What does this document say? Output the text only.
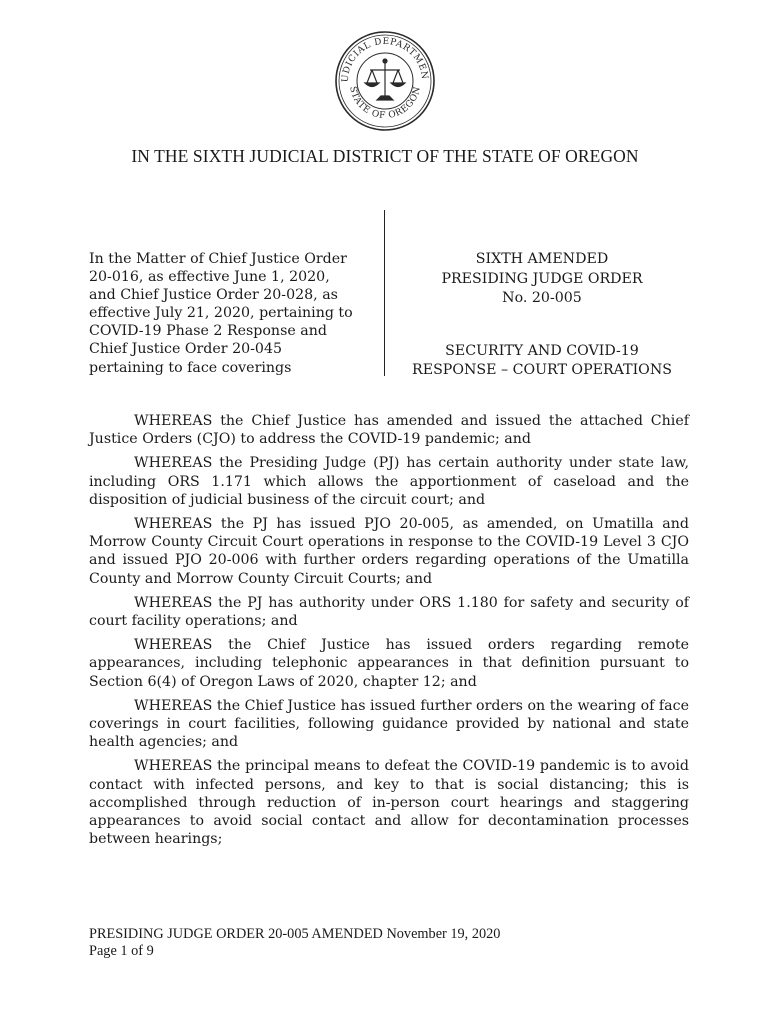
UDICIAL DEPARTMEN
STATE OF OREGON
IN THE SIXTH JUDICIAL DISTRICT OF THE STATE OF OREGON
In the Matter of Chief Justice Order
20-016, as effective June 1, 2020,
and Chief Justice Order 20-028, as
effective July 21, 2020, pertaining to
COVID-19 Phase 2 Response and
Chief Justice Order 20-045
pertaining to face coverings
SIXTH AMENDED
PRESIDING JUDGE ORDER
No. 20-005
SECURITY AND COVID-19
RESPONSE – COURT OPERATIONS

WHEREAS the Chief Justice has amended and issued the attached Chief Justice Orders (CJO) to address the COVID-19 pandemic; and

WHEREAS the Presiding Judge (PJ) has certain authority under state law, including ORS 1.171 which allows the apportionment of caseload and the disposition of judicial business of the circuit court; and

WHEREAS the PJ has issued PJO 20-005, as amended, on Umatilla and Morrow County Circuit Court operations in response to the COVID-19 Level 3 CJO and issued PJO 20-006 with further orders regarding operations of the Umatilla County and Morrow County Circuit Courts; and

WHEREAS the PJ has authority under ORS 1.180 for safety and security of court facility operations; and

WHEREAS the Chief Justice has issued orders regarding remote appearances, including telephonic appearances in that definition pursuant to Section 6(4) of Oregon Laws of 2020, chapter 12; and

WHEREAS the Chief Justice has issued further orders on the wearing of face coverings in court facilities, following guidance provided by national and state health agencies; and

WHEREAS the principal means to defeat the COVID-19 pandemic is to avoid contact with infected persons, and key to that is social distancing; this is accomplished through reduction of in-person court hearings and staggering appearances to avoid social contact and allow for decontamination processes between hearings;

PRESIDING JUDGE ORDER 20-005 AMENDED November 19, 2020
Page 1 of 9
